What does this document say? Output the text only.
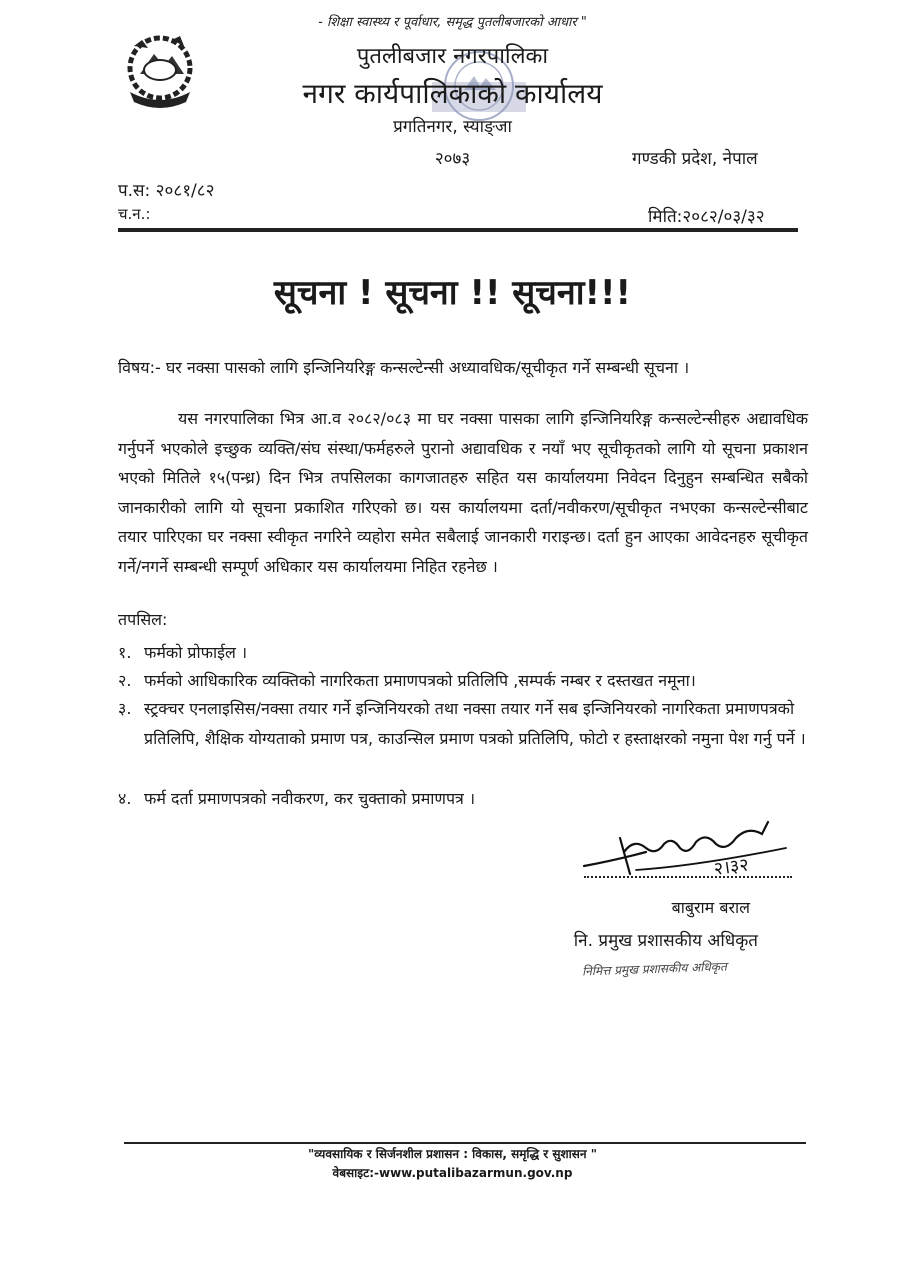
- शिक्षा स्वास्थ्य र पूर्वाधार, समृद्ध पुतलीबजारको आधार "
पुतलीबजार नगरपालिका
नगर कार्यपालिकाको कार्यालय
प्रगतिनगर, स्याङ्जा
२०७३	गण्डकी प्रदेश, नेपाल
प.स: २०८१/८२
च.न.:	मिति:२०८२/०३/३२
सूचना ! सूचना !! सूचना!!!
विषय:- घर नक्सा पासको लागि इन्जिनियरिङ्ग कन्सल्टेन्सी अध्यावधिक/सूचीकृत गर्ने सम्बन्धी सूचना ।
यस नगरपालिका भित्र आ.व २०८२/०८३ मा घर नक्सा पासका लागि इन्जिनियरिङ्ग कन्सल्टेन्सीहरु अद्यावधिक गर्नुपर्ने भएकोले इच्छुक व्यक्ति/संघ संस्था/फर्महरुले पुरानो अद्यावधिक र नयाँ भए सूचीकृतको लागि यो सूचना प्रकाशन भएको मितिले १५(पन्ध्र) दिन भित्र तपसिलका कागजातहरु सहित यस कार्यालयमा निवेदन दिनुहुन सम्बन्धित सबैको जानकारीको लागि यो सूचना प्रकाशित गरिएको छ। यस कार्यालयमा दर्ता/नवीकरण/सूचीकृत नभएका कन्सल्टेन्सीबाट तयार पारिएका घर नक्सा स्वीकृत नगरिने व्यहोरा समेत सबैलाई जानकारी गराइन्छ। दर्ता हुन आएका आवेदनहरु सूचीकृत गर्ने/नगर्ने सम्बन्धी सम्पूर्ण अधिकार यस कार्यालयमा निहित रहनेछ ।
तपसिल:
१. फर्मको प्रोफाईल ।
२. फर्मको आधिकारिक व्यक्तिको नागरिकता प्रमाणपत्रको प्रतिलिपि ,सम्पर्क नम्बर र दस्तखत नमूना।
३. स्ट्रक्चर एनलाइसिस/नक्सा तयार गर्ने इन्जिनियरको तथा नक्सा तयार गर्ने सब इन्जिनियरको नागरिकता प्रमाणपत्रको प्रतिलिपि, शैक्षिक योग्यताको प्रमाण पत्र, काउन्सिल प्रमाण पत्रको प्रतिलिपि, फोटो र हस्ताक्षरको नमुना पेश गर्नु पर्ने ।
४. फर्म दर्ता प्रमाणपत्रको नवीकरण, कर चुक्ताको प्रमाणपत्र ।
२।३२
बाबुराम बराल
नि. प्रमुख प्रशासकीय अधिकृत
निमित्त प्रमुख प्रशासकीय अधिकृत
"व्यवसायिक र सिर्जनशील प्रशासन : विकास, समृद्धि र सुशासन "
वेबसाइट:-www.putalibazarmun.gov.np
